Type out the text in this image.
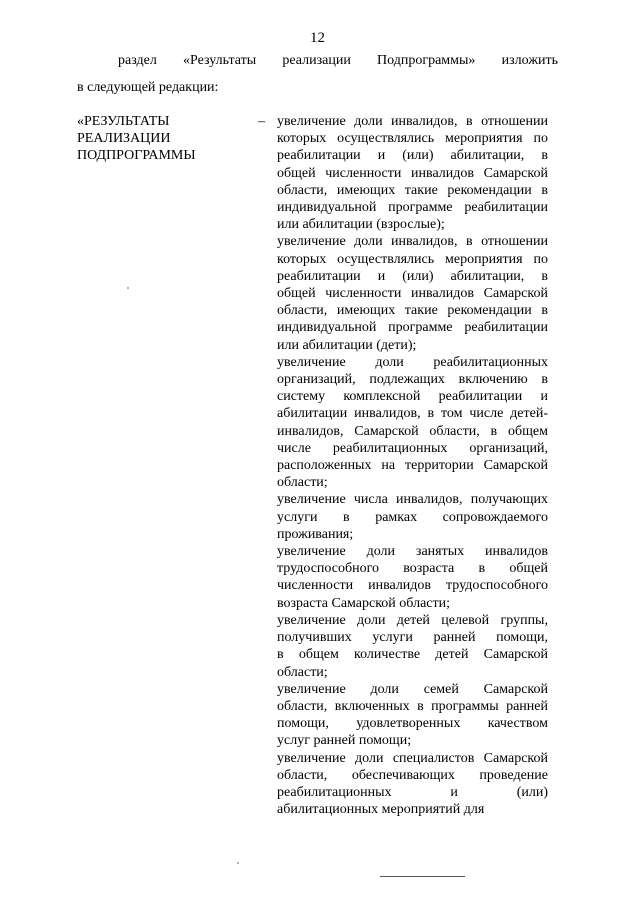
12
раздел «Результаты реализации Подпрограммы» изложить
в следующей редакции:
«РЕЗУЛЬТАТЫ
РЕАЛИЗАЦИИ
ПОДПРОГРАММЫ
– увеличение доли инвалидов, в отношении
которых осуществлялись мероприятия по
реабилитации и (или) абилитации, в
общей численности инвалидов Самарской
области, имеющих такие рекомендации в
индивидуальной программе реабилитации
или абилитации (взрослые);
увеличение доли инвалидов, в отношении
которых осуществлялись мероприятия по
реабилитации и (или) абилитации, в
общей численности инвалидов Самарской
области, имеющих такие рекомендации в
индивидуальной программе реабилитации
или абилитации (дети);
увеличение доли реабилитационных
организаций, подлежащих включению в
систему комплексной реабилитации и
абилитации инвалидов, в том числе детей-
инвалидов, Самарской области, в общем
числе реабилитационных организаций,
расположенных на территории Самарской
области;
увеличение числа инвалидов, получающих
услуги в рамках сопровождаемого
проживания;
увеличение доли занятых инвалидов
трудоспособного возраста в общей
численности инвалидов трудоспособного
возраста Самарской области;
увеличение доли детей целевой группы,
получивших услуги ранней помощи,
в общем количестве детей Самарской
области;
увеличение доли семей Самарской
области, включенных в программы ранней
помощи, удовлетворенных качеством
услуг ранней помощи;
увеличение доли специалистов Самарской
области, обеспечивающих проведение
реабилитационных	и	(или)
абилитационных мероприятий для
